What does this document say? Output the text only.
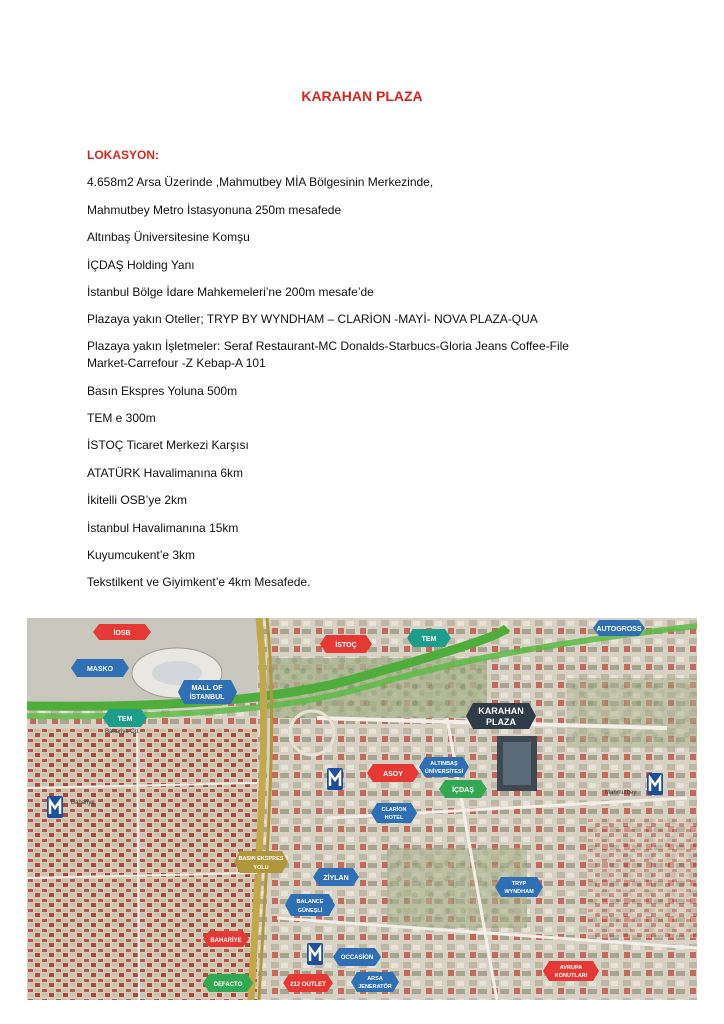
KARAHAN PLAZA
LOKASYON:
4.658m2 Arsa Üzerinde ,Mahmutbey MİA Bölgesinin Merkezinde,
Mahmutbey Metro İstasyonuna 250m mesafede
Altınbaş Üniversitesine Komşu
İÇDAŞ Holding Yanı
İstanbul Bölge İdare Mahkemeleri’ne 200m mesafe’de
Plazaya yakın Oteller; TRYP BY WYNDHAM – CLARİON -MAYİ- NOVA PLAZA-QUA
Plazaya yakın İşletmeler: Seraf Restaurant-MC Donalds-Starbucs-Gloria Jeans Coffee-File
Market-Carrefour -Z Kebap-A 101
Basın Ekspres Yoluna 500m
TEM e 300m
İSTOÇ Ticaret Merkezi Karşısı
ATATÜRK Havalimanına 6km
İkitelli OSB’ye 2km
İstanbul Havalimanına 15km
Kuyumcukent’e 3km
Tekstilkent ve Giyimkent’e 4km Mesafede.
Bahariye Cd.
Bahariye
Mahmutbey
İOSB
MASKO
MALL OF
İSTANBUL
İSTOÇ
TEM
TEM
AUTOGROSS
KARAHAN
PLAZA
ASOY
ALTINBAŞ
ÜNİVERSİTESİ
İÇDAŞ
CLARİON
HOTEL
BASIN EKSPRES
YOLU
ZİYLAN
TRYP
WYNDHAM
BALANCE
GÜNEŞLİ
BAHARİYE
OCCASİON
AVRUPA
KONUTLARI
DEFACTO	212 OUTLET
ARSA
JENERATÖR
